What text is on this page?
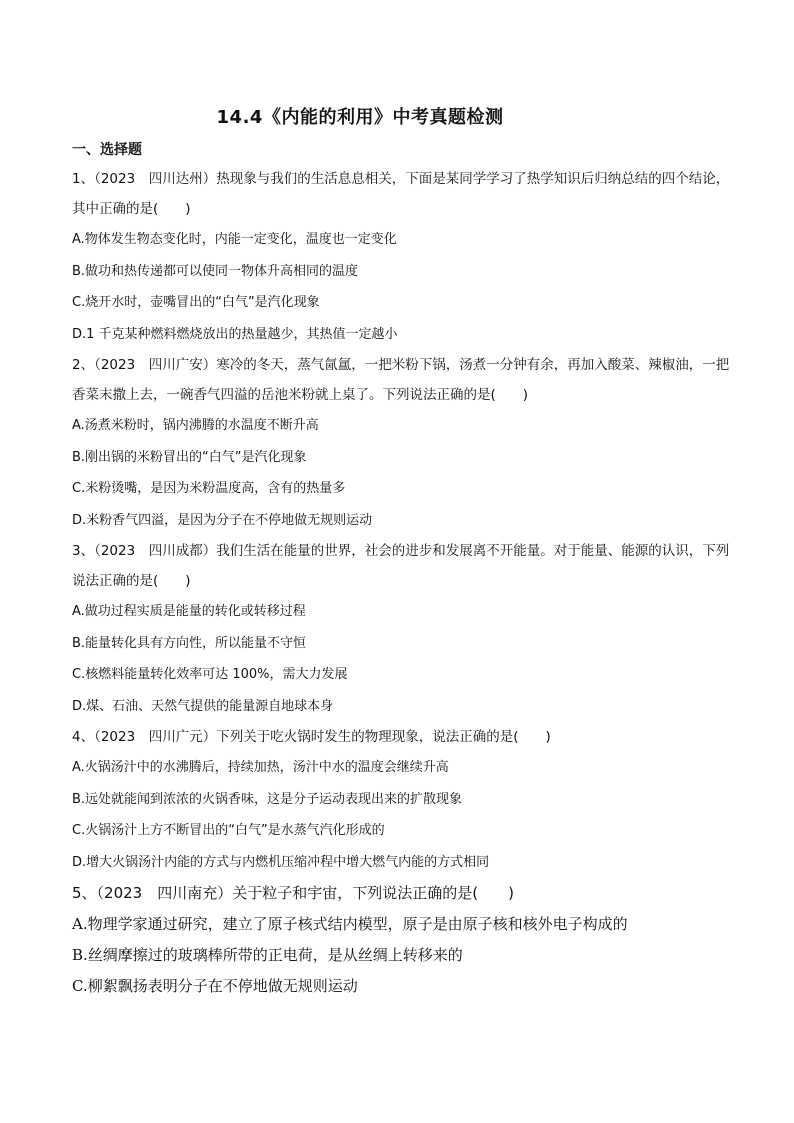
14.4《内能的利用》中考真题检测
一、选择题

1、（2023　四川达州）热现象与我们的生活息息相关，下面是某同学学习了热学知识后归纳总结的四个结论，其中正确的是(　　)

A.物体发生物态变化时，内能一定变化，温度也一定变化

B.做功和热传递都可以使同一物体升高相同的温度

C.烧开水时，壶嘴冒出的“白气”是汽化现象

D.1 千克某种燃料燃烧放出的热量越少，其热值一定越小

2、（2023　四川广安）寒冷的冬天，蒸气氤氲，一把米粉下锅，汤煮一分钟有余，再加入酸菜、辣椒油，一把香菜末撒上去，一碗香气四溢的岳池米粉就上桌了。下列说法正确的是(　　)

A.汤煮米粉时，锅内沸腾的水温度不断升高

B.刚出锅的米粉冒出的“白气”是汽化现象

C.米粉烫嘴，是因为米粉温度高，含有的热量多

D.米粉香气四溢，是因为分子在不停地做无规则运动

3、（2023　四川成都）我们生活在能量的世界，社会的进步和发展离不开能量。对于能量、能源的认识，下列说法正确的是(　　)

A.做功过程实质是能量的转化或转移过程

B.能量转化具有方向性，所以能量不守恒

C.核燃料能量转化效率可达 100%，需大力发展

D.煤、石油、天然气提供的能量源自地球本身

4、（2023　四川广元）下列关于吃火锅时发生的物理现象，说法正确的是(　　)

A.火锅汤汁中的水沸腾后，持续加热，汤汁中水的温度会继续升高

B.远处就能闻到浓浓的火锅香味，这是分子运动表现出来的扩散现象

C.火锅汤汁上方不断冒出的“白气”是水蒸气汽化形成的

D.增大火锅汤汁内能的方式与内燃机压缩冲程中增大燃气内能的方式相同

5、（2023　四川南充）关于粒子和宇宙，下列说法正确的是(　　)

A.物理学家通过研究，建立了原子核式结内模型，原子是由原子核和核外电子构成的

B.丝绸摩擦过的玻璃棒所带的正电荷，是从丝绸上转移来的

C.柳絮飘扬表明分子在不停地做无规则运动
